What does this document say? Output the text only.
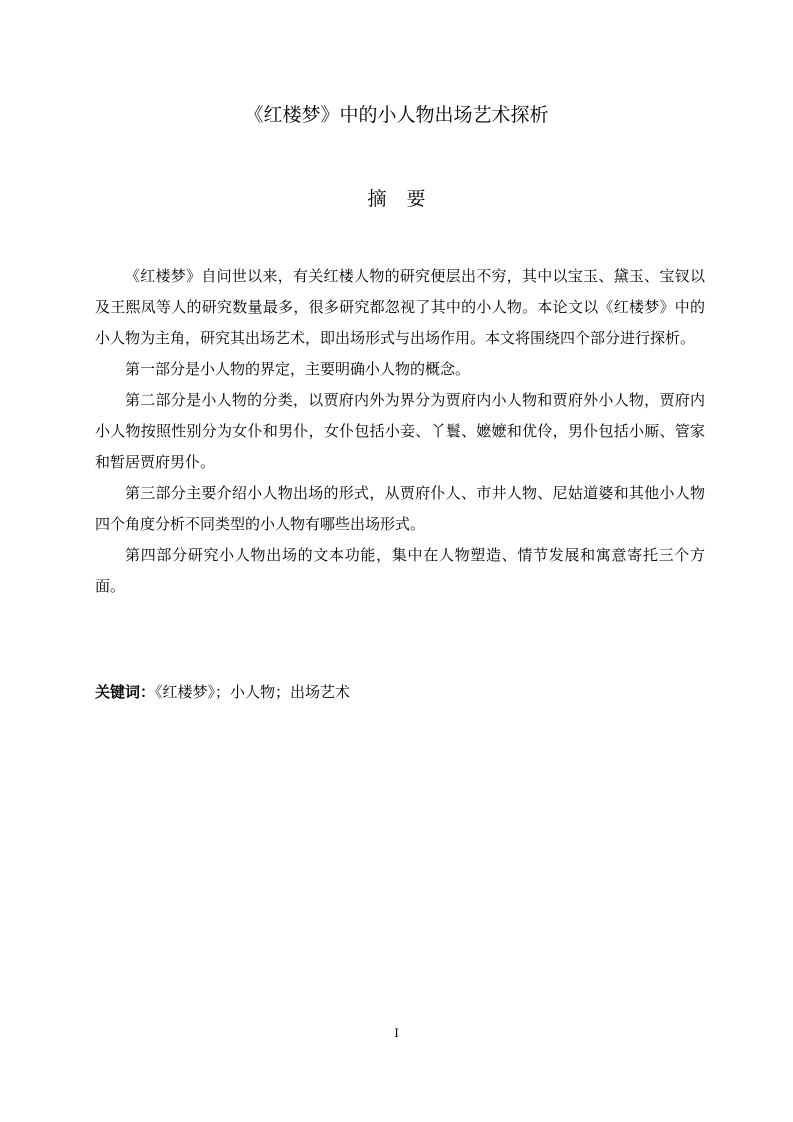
《红楼梦》中的小人物出场艺术探析
摘要

《红楼梦》自问世以来，有关红楼人物的研究便层出不穷，其中以宝玉、黛玉、宝钗以及王熙凤等人的研究数量最多，很多研究都忽视了其中的小人物。本论文以《红楼梦》中的小人物为主角，研究其出场艺术，即出场形式与出场作用。本文将围绕四个部分进行探析。

第一部分是小人物的界定，主要明确小人物的概念。

第二部分是小人物的分类，以贾府内外为界分为贾府内小人物和贾府外小人物，贾府内小人物按照性别分为女仆和男仆，女仆包括小妾、丫鬟、嬷嬷和优伶，男仆包括小厮、管家和暂居贾府男仆。

第三部分主要介绍小人物出场的形式，从贾府仆人、市井人物、尼姑道婆和其他小人物四个角度分析不同类型的小人物有哪些出场形式。

第四部分研究小人物出场的文本功能，集中在人物塑造、情节发展和寓意寄托三个方面。

关键词：《红楼梦》；小人物；出场艺术

I
